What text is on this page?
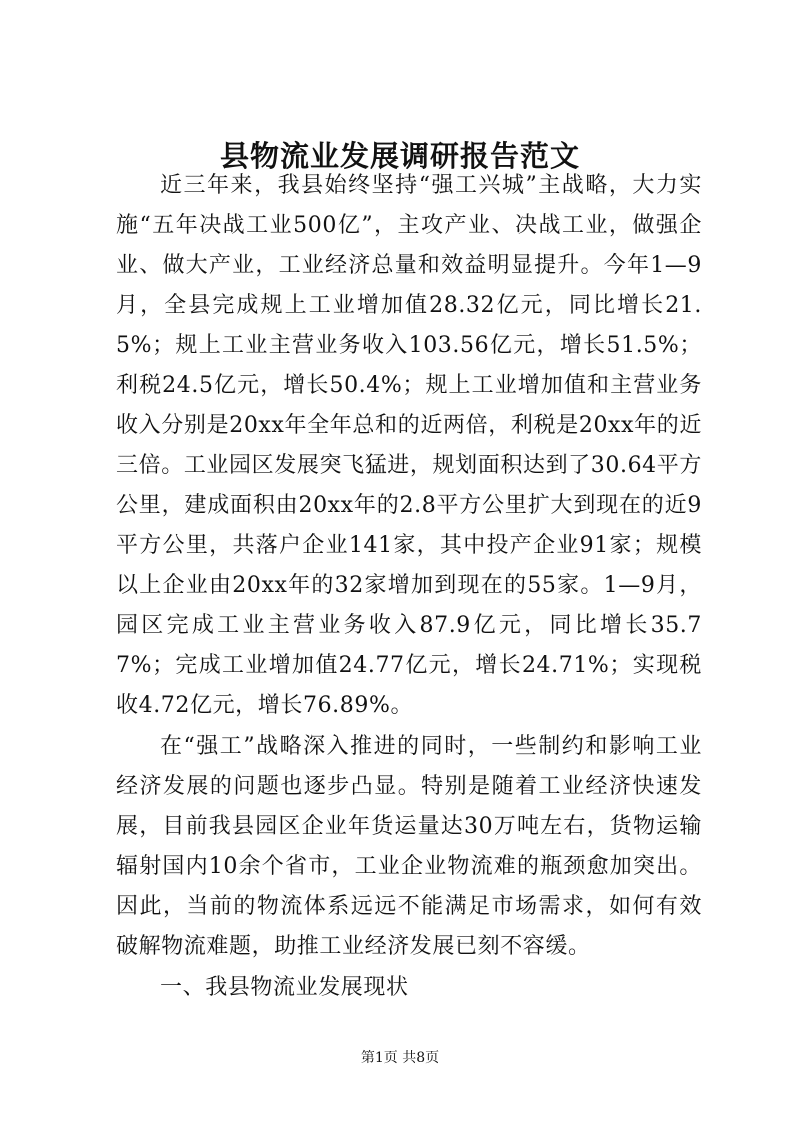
县物流业发展调研报告范文

近三年来，我县始终坚持“强工兴城”主战略，大力实施“五年决战工业500亿”，主攻产业、决战工业，做强企业、做大产业，工业经济总量和效益明显提升。今年1—9月，全县完成规上工业增加值28.32亿元，同比增长21.5%；规上工业主营业务收入103.56亿元，增长51.5%；利税24.5亿元，增长50.4%；规上工业增加值和主营业务收入分别是20xx年全年总和的近两倍，利税是20xx年的近三倍。工业园区发展突飞猛进，规划面积达到了30.64平方公里，建成面积由20xx年的2.8平方公里扩大到现在的近9平方公里，共落户企业141家，其中投产企业91家；规模以上企业由20xx年的32家增加到现在的55家。1—9月，园区完成工业主营业务收入87.9亿元，同比增长35.77%；完成工业增加值24.77亿元，增长24.71%；实现税收4.72亿元，增长76.89%。

在“强工”战略深入推进的同时，一些制约和影响工业经济发展的问题也逐步凸显。特别是随着工业经济快速发展，目前我县园区企业年货运量达30万吨左右，货物运输辐射国内10余个省市，工业企业物流难的瓶颈愈加突出。因此，当前的物流体系远远不能满足市场需求，如何有效破解物流难题，助推工业经济发展已刻不容缓。

一、我县物流业发展现状

第1页 共8页
